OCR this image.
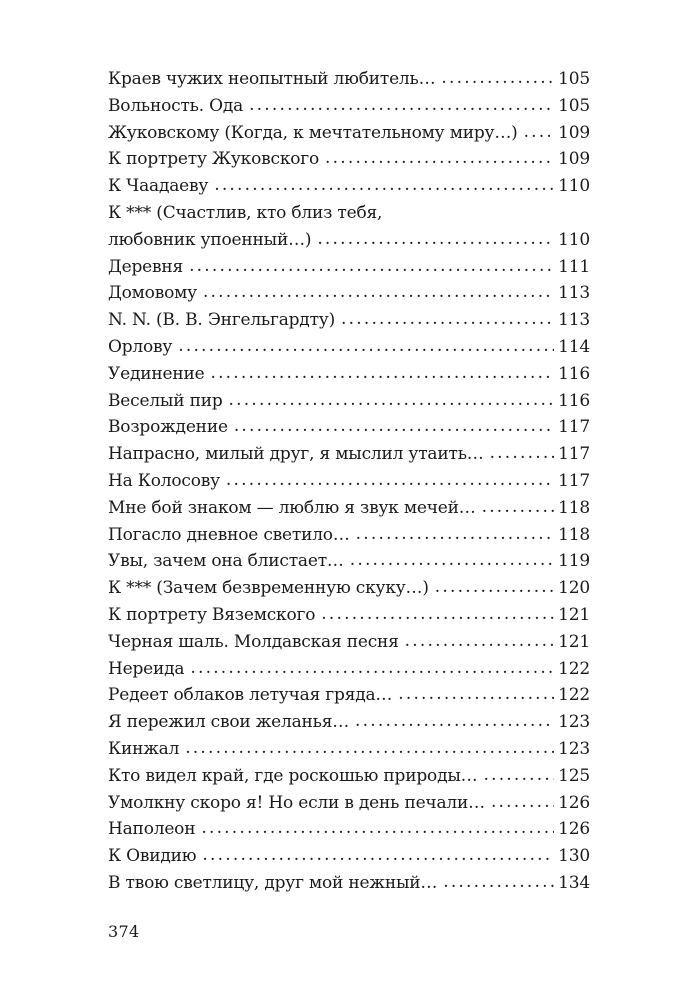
Краев чужих неопытный любитель… . . .	105
Вольность. Ода . . .	105
Жуковскому (Когда, к мечтательному миру…) . . . 109
К портрету Жуковского . . .	109
К Чаадаеву . . .	110
К *** (Счастлив, кто близ тебя,
любовник упоенный…) . . .	110
Деревня . . .	111
Домовому . . .	113
N. N. (В. В. Энгельгардту) . . .	113
Орлову . . .	114
Уединение . . .	116
Веселый пир . . .	116
Возрождение . . .	117
Напрасно, милый друг, я мыслил утаить… . . .	117
На Колосову . . .	117
Мне бой знаком — люблю я звук мечей… . . .	118
Погасло дневное светило… . . .	118
Увы, зачем она блистает… . . .	119
К *** (Зачем безвременную скуку…) . . .	120
К портрету Вяземского . . .	121
Черная шаль. Молдавская песня . . .	121
Нереида . . .	122
Редеет облаков летучая гряда… . . .	122
Я пережил свои желанья… . . .	123
Кинжал . . .	123
Кто видел край, где роскошью природы… . . .	125
Умолкну скоро я! Но если в день печали… . . .	126
Наполеон . . .	126
К Овидию . . .	130
В твою светлицу, друг мой нежный… . . .	134
374
